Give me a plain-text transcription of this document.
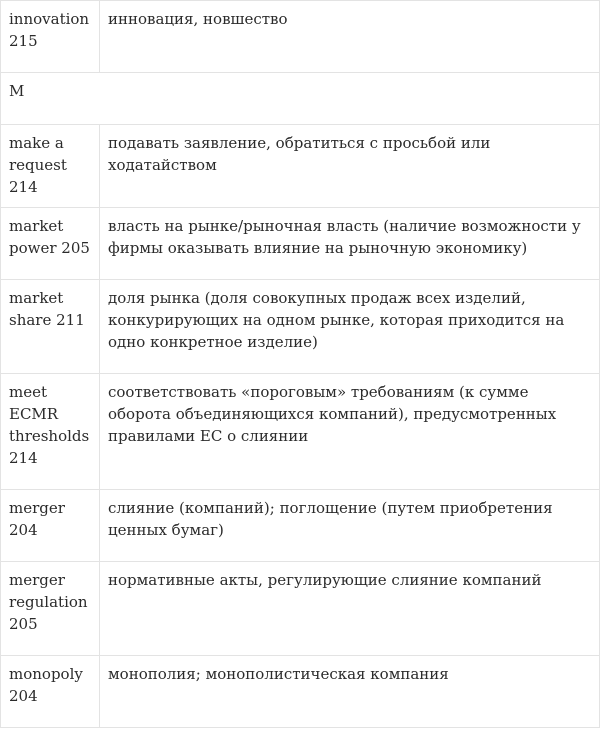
innovation 215	инновация, новшество
M	
make a request 214	подавать заявление, обратиться с просьбой или ходатайством
market power 205	власть на рынке/рыночная власть (наличие возможности у фирмы оказывать влияние на рыночную экономику)
market share 211	доля рынка (доля совокупных продаж всех изделий, конкурирующих на одном рынке, которая приходится на одно конкретное изделие)
meet ECMR thresholds 214	соответствовать «пороговым» требованиям (к сумме оборота объединяющихся компаний), предусмотренных правилами ЕС о слиянии
merger 204	слияние (компаний); поглощение (путем приобретения ценных бумаг)
merger regulation 205	нормативные акты, регулирующие слияние компаний
monopoly 204	монополия; монополистическая компания
